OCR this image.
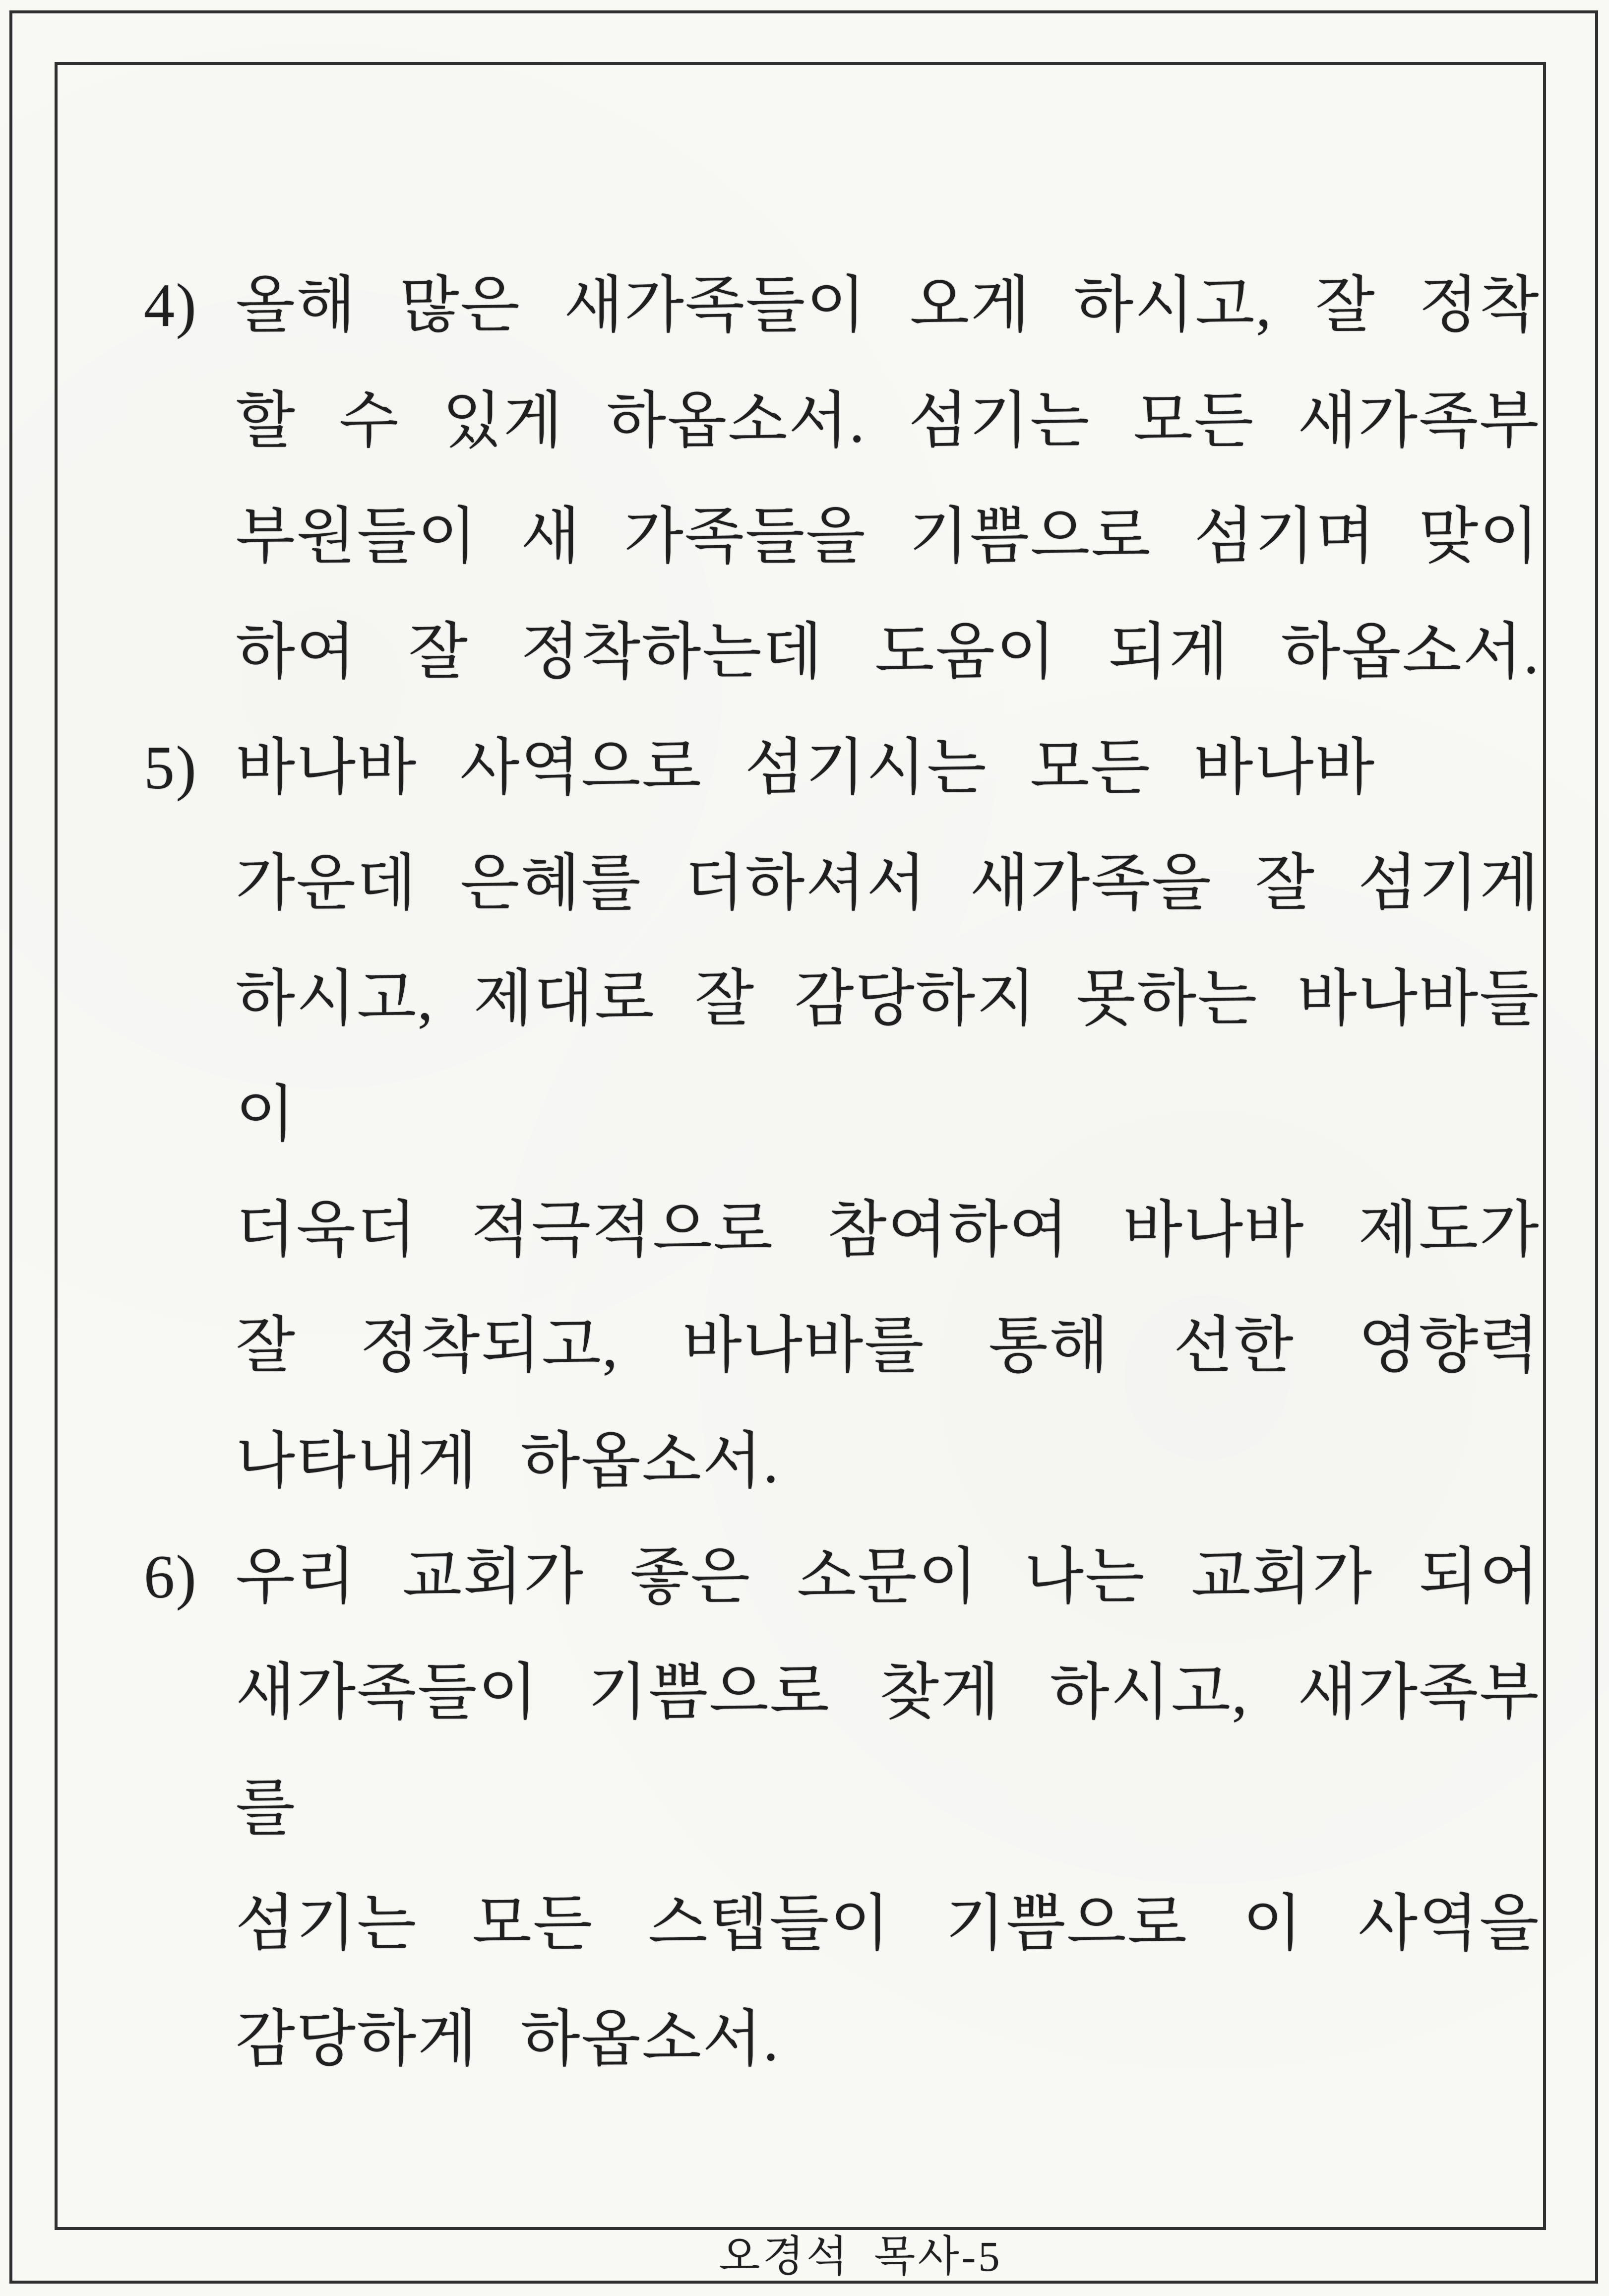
4) 올해 많은 새가족들이 오게 하시고, 잘 정착
할 수 있게 하옵소서. 섬기는 모든 새가족부
부원들이 새 가족들을 기쁨으로 섬기며 맞이
하여 잘 정착하는데 도움이 되게 하옵소서.
5) 바나바 사역으로 섬기시는 모든 바나바
가운데 은혜를 더하셔서 새가족을 잘 섬기게
하시고, 제대로 잘 감당하지 못하는 바나바들이
더욱더 적극적으로 참여하여 바나바 제도가
잘 정착되고, 바나바를 통해 선한 영향력
나타내게 하옵소서.
6) 우리 교회가 좋은 소문이 나는 교회가 되어
새가족들이 기쁨으로 찾게 하시고, 새가족부를
섬기는 모든 스텝들이 기쁨으로 이 사역을
감당하게 하옵소서.
오경석 목사-5
